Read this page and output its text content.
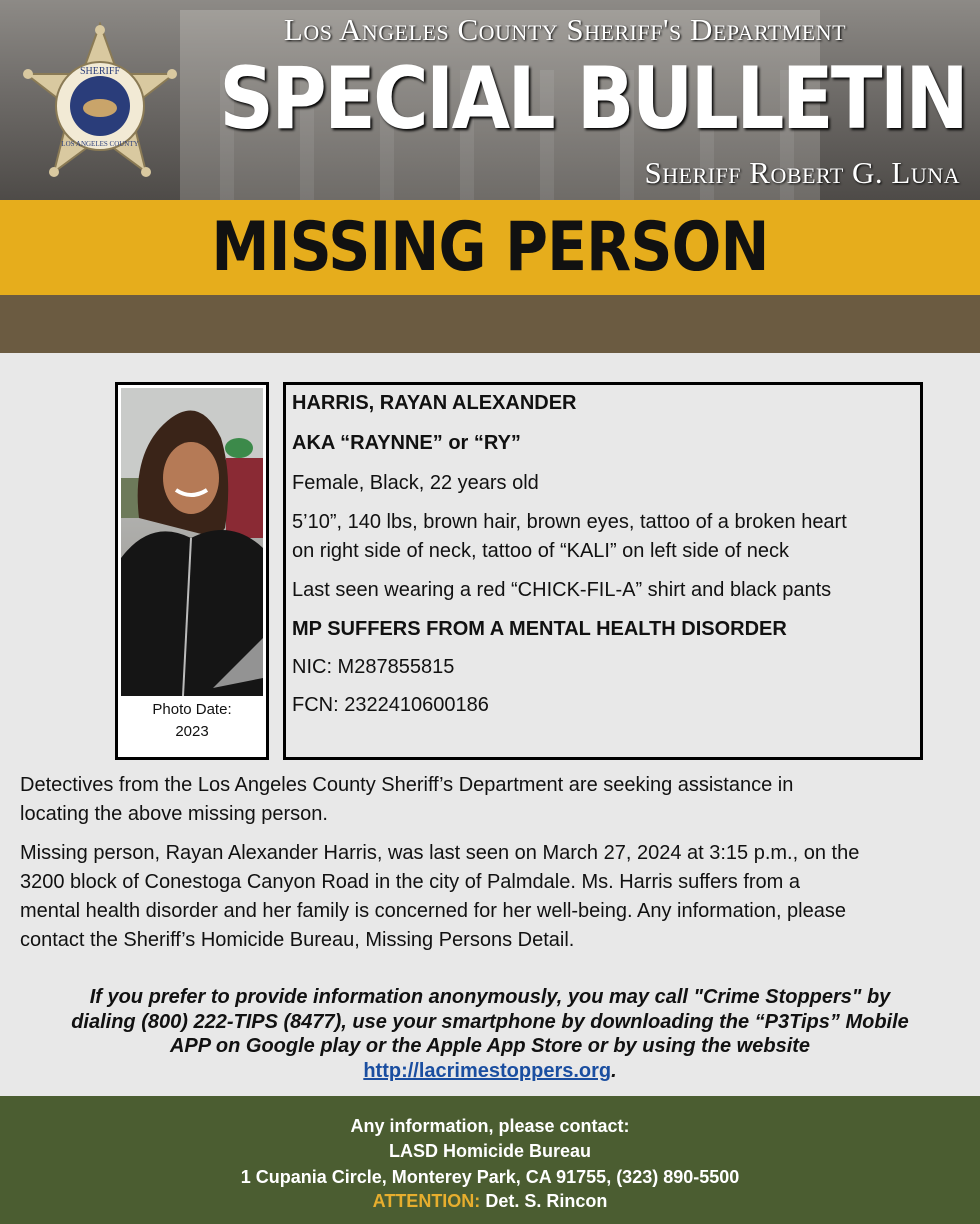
SHERIFF
LOS ANGELES COUNTY
Los Angeles County Sheriff's Department
SPECIAL BULLETIN
Sheriff Robert G. Luna
MISSING PERSON
Photo Date:
2023

HARRIS, RAYAN ALEXANDER

AKA “RAYNNE” or “RY”

Female, Black, 22 years old

5’10”, 140 lbs, brown hair, brown eyes, tattoo of a broken heart

on right side of neck, tattoo of “KALI” on left side of neck

Last seen wearing a red “CHICK-FIL-A” shirt and black pants

MP SUFFERS FROM A MENTAL HEALTH DISORDER

NIC: M287855815

FCN: 2322410600186

Detectives from the Los Angeles County Sheriff’s Department are seeking assistance in

locating the above missing person.

Missing person, Rayan Alexander Harris, was last seen on March 27, 2024 at 3:15 p.m., on the

3200 block of Conestoga Canyon Road in the city of Palmdale. Ms. Harris suffers from a

mental health disorder and her family is concerned for her well-being. Any information, please

contact the Sheriff’s Homicide Bureau, Missing Persons Detail.

If you prefer to provide information anonymously, you may call "Crime Stoppers" by
dialing (800) 222-TIPS (8477), use your smartphone by downloading the “P3Tips” Mobile
APP on Google play or the Apple App Store or by using the website
http://lacrimestoppers.org.
Any information, please contact:
LASD Homicide Bureau
1 Cupania Circle, Monterey Park, CA 91755, (323) 890-5500
ATTENTION: Det. S. Rincon
